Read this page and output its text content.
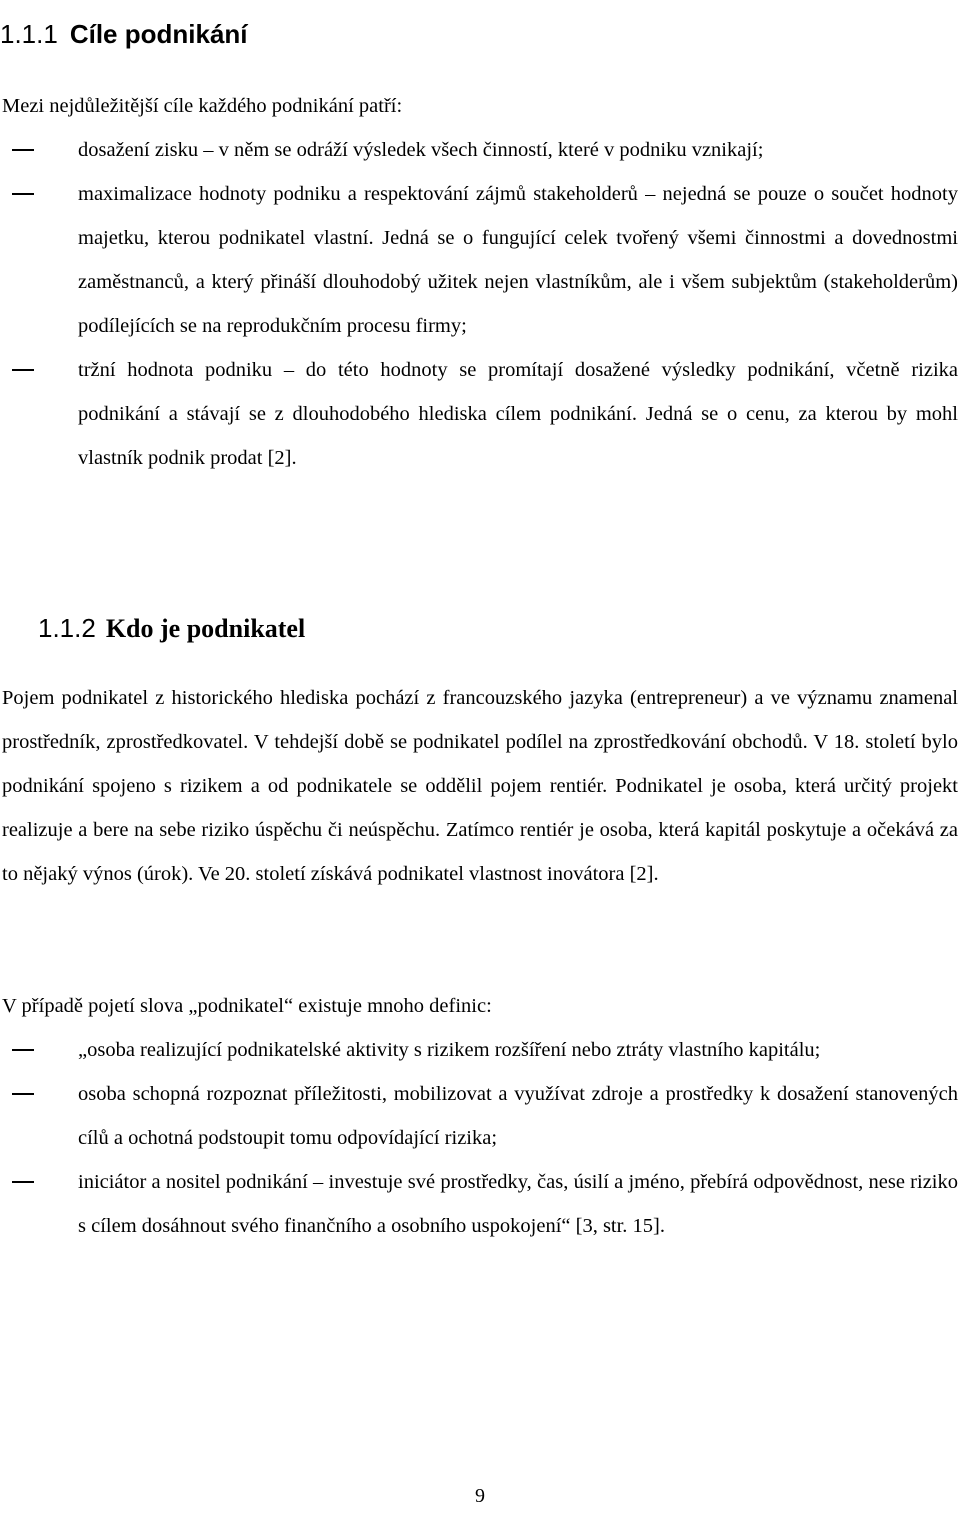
1.1.1 Cíle podnikání

Mezi nejdůležitější cíle každého podnikání patří:

dosažení zisku – v něm se odráží výsledek všech činností, které v podniku vznikají;
maximalizace hodnoty podniku a respektování zájmů stakeholderů – nejedná se pouze o součet hodnoty majetku, kterou podnikatel vlastní. Jedná se o fungující celek tvořený všemi činnostmi a dovednostmi zaměstnanců, a který přináší dlouhodobý užitek nejen vlastníkům, ale i všem subjektům (stakeholderům) podílejících se na reprodukčním procesu firmy;
tržní hodnota podniku – do této hodnoty se promítají dosažené výsledky podnikání, včetně rizika podnikání a stávají se z dlouhodobého hlediska cílem podnikání. Jedná se o cenu, za kterou by mohl vlastník podnik prodat [2].
1.1.2 Kdo je podnikatel

Pojem podnikatel z historického hlediska pochází z francouzského jazyka (entrepreneur) a ve významu znamenal prostředník, zprostředkovatel. V tehdejší době se podnikatel podílel na zprostředkování obchodů. V 18. století bylo podnikání spojeno s rizikem a od podnikatele se oddělil pojem rentiér. Podnikatel je osoba, která určitý projekt realizuje a bere na sebe riziko úspěchu či neúspěchu. Zatímco rentiér je osoba, která kapitál poskytuje a očekává za to nějaký výnos (úrok). Ve 20. století získává podnikatel vlastnost inovátora [2].

V případě pojetí slova „podnikatel“ existuje mnoho definic:

„osoba realizující podnikatelské aktivity s rizikem rozšíření nebo ztráty vlastního kapitálu;
osoba schopná rozpoznat příležitosti, mobilizovat a využívat zdroje a prostředky k dosažení stanovených cílů a ochotná podstoupit tomu odpovídající rizika;
iniciátor a nositel podnikání – investuje své prostředky, čas, úsilí a jméno, přebírá odpovědnost, nese riziko s cílem dosáhnout svého finančního a osobního uspokojení“ [3, str. 15].
9
